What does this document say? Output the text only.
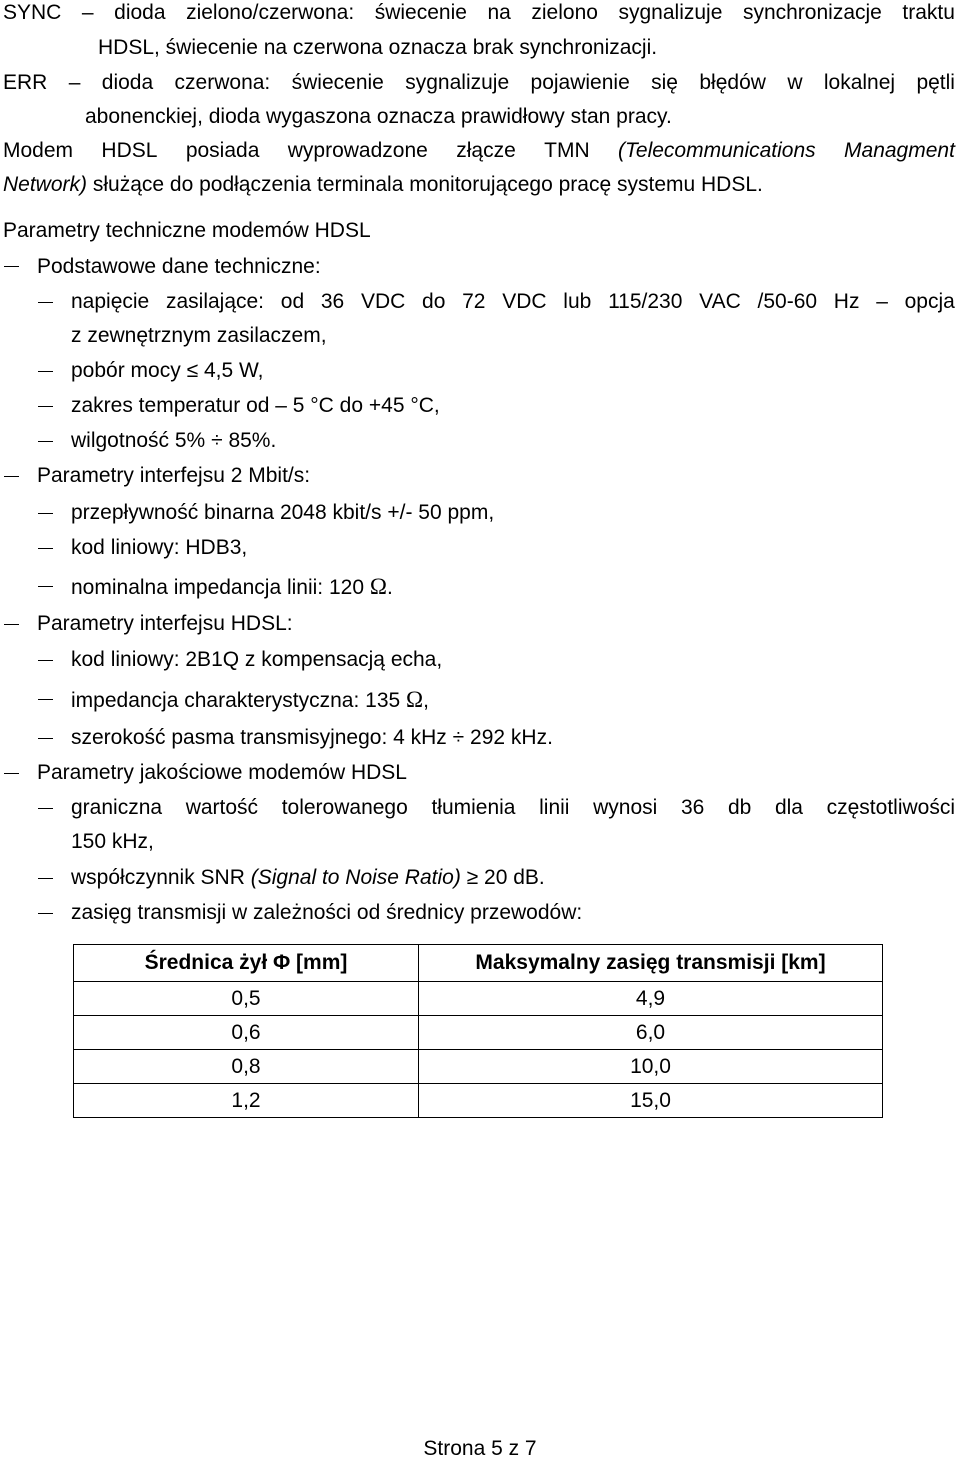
SYNC – dioda zielono/czerwona: świecenie na zielono sygnalizuje synchronizacje traktu
HDSL, świecenie na czerwona oznacza brak synchronizacji.
ERR – dioda czerwona: świecenie sygnalizuje pojawienie się błędów w lokalnej pętli
abonenckiej, dioda wygaszona oznacza prawidłowy stan pracy.
Modem HDSL posiada wyprowadzone złącze TMN (Telecommunications Managment
Network) służące do podłączenia terminala monitorującego pracę systemu HDSL.
Parametry techniczne modemów HDSL
Podstawowe dane techniczne:
napięcie zasilające: od 36 VDC do 72 VDC lub 115/230 VAC /50-60 Hz – opcja
z zewnętrznym zasilaczem,
pobór mocy ≤ 4,5 W,
zakres temperatur od – 5 °C do +45 °C,
wilgotność 5% ÷ 85%.
Parametry interfejsu 2 Mbit/s:
przepływność binarna 2048 kbit/s +/- 50 ppm,
kod liniowy: HDB3,
nominalna impedancja linii: 120 Ω.
Parametry interfejsu HDSL:
kod liniowy: 2B1Q z kompensacją echa,
impedancja charakterystyczna: 135 Ω,
szerokość pasma transmisyjnego: 4 kHz ÷ 292 kHz.
Parametry jakościowe modemów HDSL
graniczna wartość tolerowanego tłumienia linii wynosi 36 db dla częstotliwości
150 kHz,
współczynnik SNR (Signal to Noise Ratio) ≥ 20 dB.
zasięg transmisji w zależności od średnicy przewodów:
Średnica żył Φ [mm]	Maksymalny zasięg transmisji [km]
0,5	4,9
0,6	6,0
0,8	10,0
1,2	15,0
Strona 5 z 7
